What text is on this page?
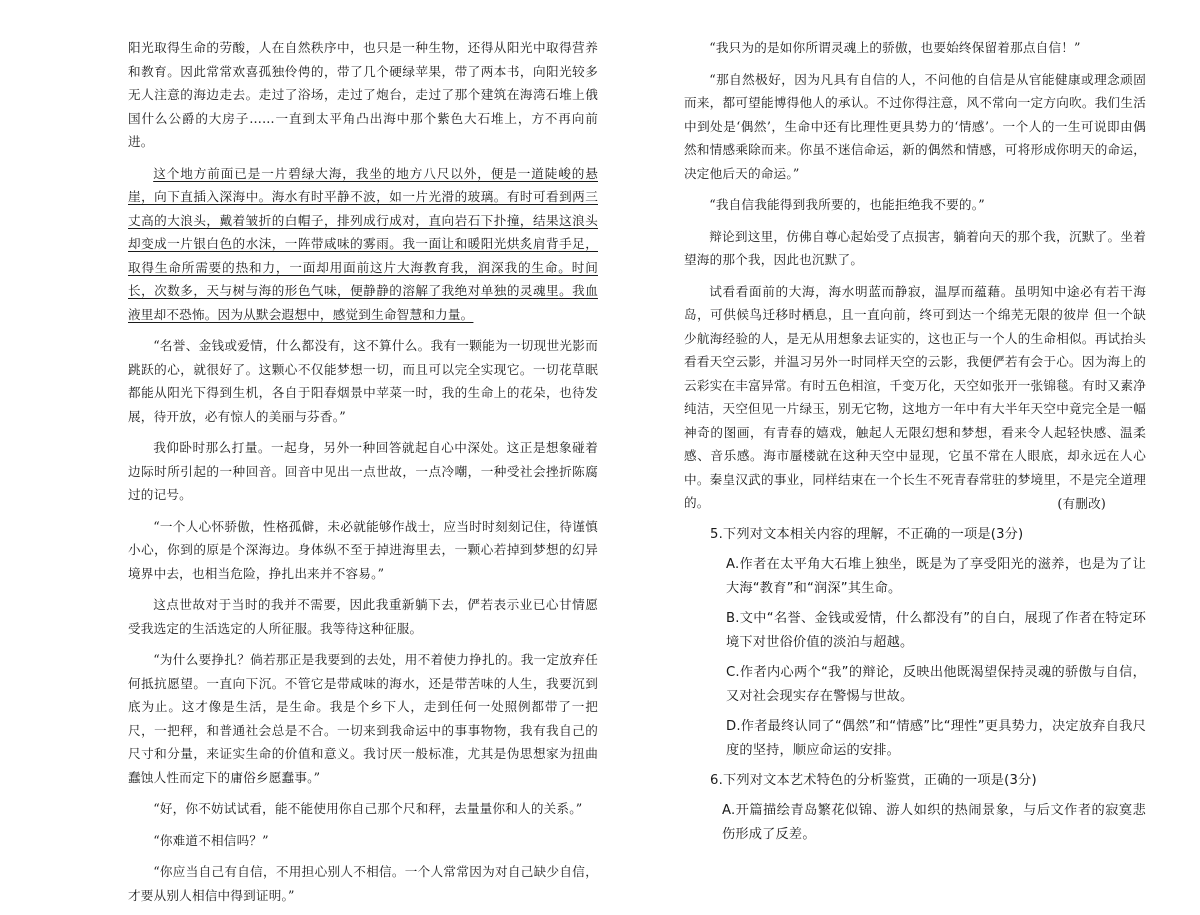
阳光取得生命的劳酸，人在自然秩序中，也只是一种生物，还得从阳光中取得营养和教育。因此常常欢喜孤独伶俜的，带了几个硬绿苹果，带了两本书，向阳光较多无人注意的海边走去。走过了浴场，走过了炮台，走过了那个建筑在海湾石堆上俄国什么公爵的大房子……一直到太平角凸出海中那个紫色大石堆上，方不再向前进。

这个地方前面已是一片碧绿大海，我坐的地方八尺以外，便是一道陡峻的悬崖，向下直插入深海中。海水有时平静不波，如一片光滑的玻璃。有时可看到两三丈高的大浪头，戴着皱折的白帽子，排列成行成对，直向岩石下扑撞，结果这浪头却变成一片银白色的水沫，一阵带咸味的雾雨。我一面让和暖阳光烘炙肩背手足，取得生命所需要的热和力，一面却用面前这片大海教育我，润深我的生命。时间长，次数多，天与树与海的形色气味，便静静的溶解了我绝对单独的灵魂里。我血液里却不恐怖。因为从默会遐想中，感觉到生命智慧和力量。

“名誉、金钱或爱情，什么都没有，这不算什么。我有一颗能为一切现世光影而跳跃的心，就很好了。这颗心不仅能梦想一切，而且可以完全实现它。一切花草眠都能从阳光下得到生机，各自于阳春烟景中苹菜一时，我的生命上的花朵，也待发展，待开放，必有惊人的美丽与芬香。”

我仰卧时那么打量。一起身，另外一种回答就起自心中深处。这正是想象碰着边际时所引起的一种回音。回音中见出一点世故，一点冷嘲，一种受社会挫折陈腐过的记号。

“一个人心怀骄傲，性格孤僻，未必就能够作战士，应当时时刻刻记住，待谨慎小心，你到的原是个深海边。身体纵不至于掉进海里去，一颗心若掉到梦想的幻异境界中去，也相当危险，挣扎出来并不容易。”

这点世故对于当时的我并不需要，因此我重新躺下去，俨若表示业已心甘情愿受我选定的生活选定的人所征服。我等待这种征服。

“为什么要挣扎？倘若那正是我要到的去处，用不着使力挣扎的。我一定放弃任何抵抗愿望。一直向下沉。不管它是带咸味的海水，还是带苦味的人生，我要沉到底为止。这才像是生活，是生命。我是个乡下人，走到任何一处照例都带了一把尺，一把秤，和普通社会总是不合。一切来到我命运中的事事物物，我有我自己的尺寸和分量，来证实生命的价值和意义。我讨厌一般标准，尤其是伪思想家为扭曲蠢蚀人性而定下的庸俗乡愿蠢事。”

“好，你不妨试试看，能不能使用你自己那个尺和秤，去量量你和人的关系。”

“你难道不相信吗？”

“你应当自己有自信，不用担心别人不相信。一个人常常因为对自己缺少自信，才要从别人相信中得到证明。”

“我只为的是如你所谓灵魂上的骄傲，也要始终保留着那点自信！”

“那自然极好，因为凡具有自信的人，不问他的自信是从官能健康或理念顽固而来，都可望能博得他人的承认。不过你得注意，风不常向一定方向吹。我们生活中到处是‘偶然’，生命中还有比理性更具势力的‘情感’。一个人的一生可说即由偶然和情感乘除而来。你虽不迷信命运，新的偶然和情感，可将形成你明天的命运，决定他后天的命运。”

“我自信我能得到我所要的，也能拒绝我不要的。”

辩论到这里，仿佛自尊心起始受了点损害，躺着向天的那个我，沉默了。坐着望海的那个我，因此也沉默了。

试看看面前的大海，海水明蓝而静寂，温厚而蕴藉。虽明知中途必有若干海岛，可供候鸟迁移时栖息，且一直向前，终可到达一个绵芜无限的彼岸 但一个缺少航海经验的人，是无从用想象去证实的，这也正与一个人的生命相似。再试抬头看看天空云影，并温习另外一时同样天空的云影，我便俨若有会于心。因为海上的云彩实在丰富异常。有时五色相渲，千变万化，天空如张开一张锦毯。有时又素净纯洁，天空但见一片绿玉，别无它物，这地方一年中有大半年天空中竟完全是一幅神奇的图画，有青春的嬉戏，触起人无限幻想和梦想，看来令人起轻快感、温柔感、音乐感。海市蜃楼就在这种天空中显现，它虽不常在人眼底，却永远在人心中。秦皇汉武的事业，同样结束在一个长生不死青春常驻的梦境里，不是完全道理的。	(有删改)

5.下列对文本相关内容的理解，不正确的一项是(3分)

A.作者在太平角大石堆上独坐，既是为了享受阳光的滋养，也是为了让大海“教育”和“润深”其生命。

B.文中“名誉、金钱或爱情，什么都没有”的自白，展现了作者在特定环境下对世俗价值的淡泊与超越。

C.作者内心两个“我”的辩论，反映出他既渴望保持灵魂的骄傲与自信，又对社会现实存在警惕与世故。

D.作者最终认同了“偶然”和“情感”比“理性”更具势力，决定放弃自我尺度的坚持，顺应命运的安排。

6.下列对文本艺术特色的分析鉴赏，正确的一项是(3分)

A.开篇描绘青岛繁花似锦、游人如织的热闹景象，与后文作者的寂寞悲伤形成了反差。
